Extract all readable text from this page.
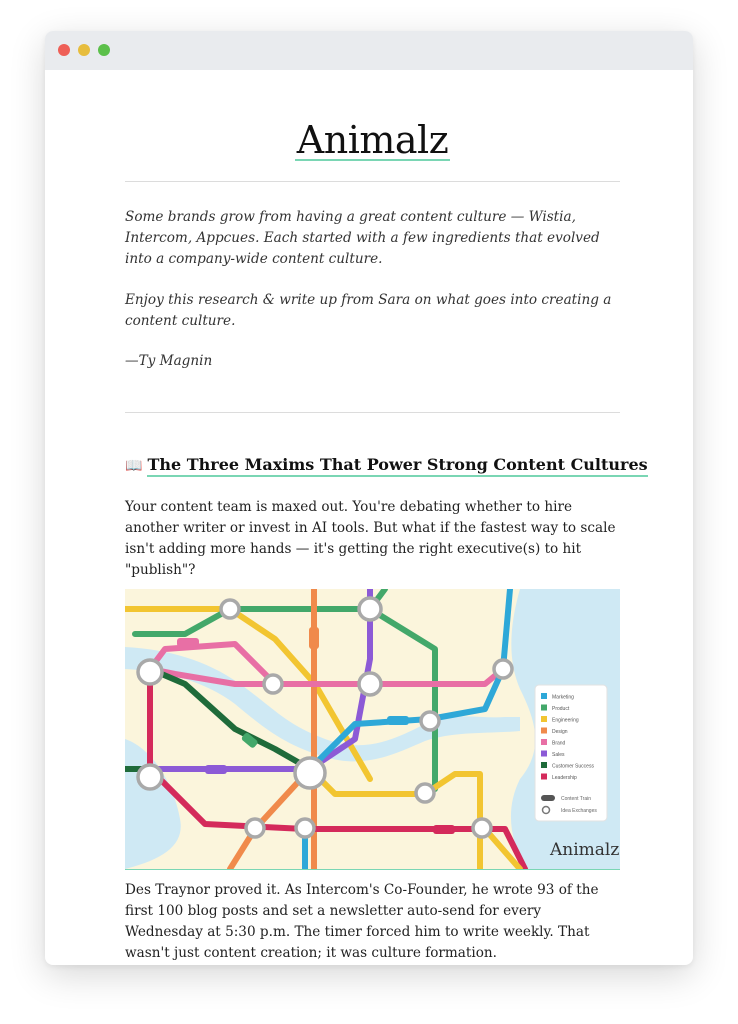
Animalz
Some brands grow from having a great content culture — Wistia, Intercom, Appcues. Each started with a few ingredients that evolved into a company-wide content culture.
Enjoy this research & write up from Sara on what goes into creating a content culture.
—Ty Magnin
📖 The Three Maxims That Power Strong Content Cultures
Your content team is maxed out. You're debating whether to hire another writer or invest in AI tools. But what if the fastest way to scale isn't adding more hands — it's getting the right executive(s) to hit "publish"?
Marketing
Product
Engineering
Design
Brand
Sales
Customer Success
Leadership
Content Train
Idea Exchanges
Animalz
Des Traynor proved it. As Intercom's Co-Founder, he wrote 93 of the first 100 blog posts and set a newsletter auto-send for every Wednesday at 5:30 p.m. The timer forced him to write weekly. That wasn't just content creation; it was culture formation.
